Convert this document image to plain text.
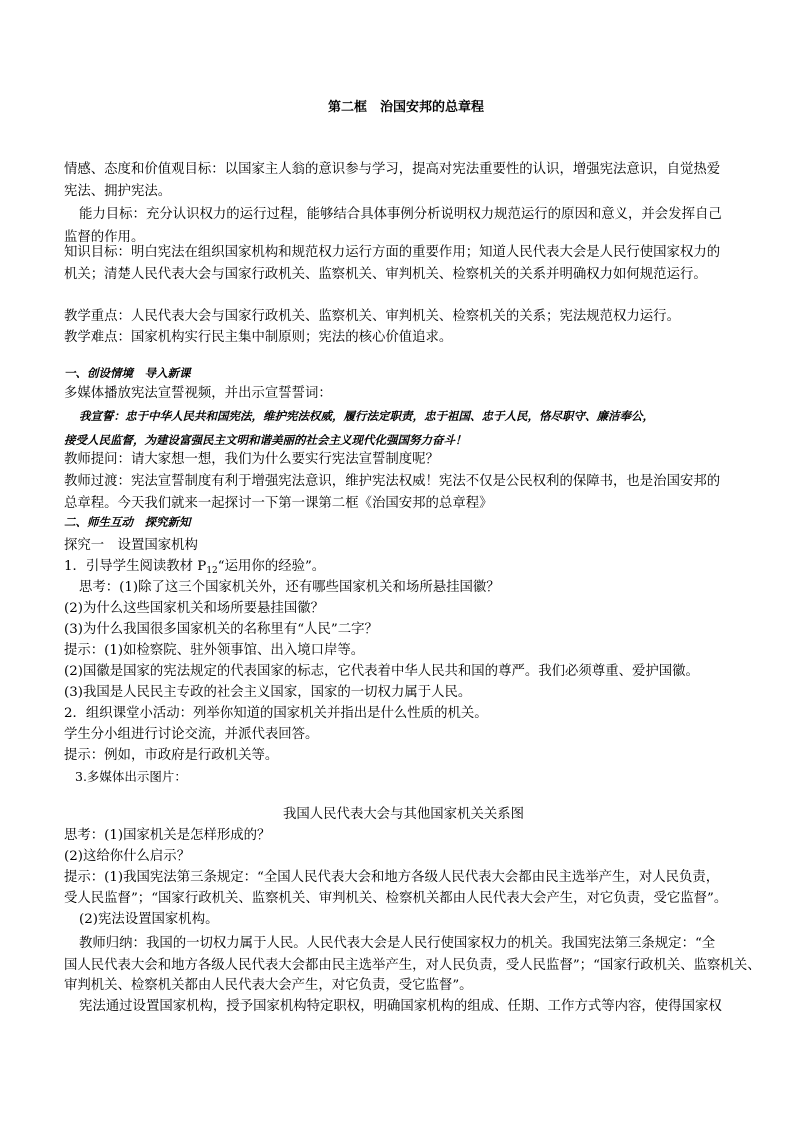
第二框　治国安邦的总章程
情感、态度和价值观目标：以国家主人翁的意识参与学习，提高对宪法重要性的认识，增强宪法意识，自觉热爱
宪法、拥护宪法。
能力目标：充分认识权力的运行过程，能够结合具体事例分析说明权力规范运行的原因和意义，并会发挥自己
监督的作用。
知识目标：明白宪法在组织国家机构和规范权力运行方面的重要作用；知道人民代表大会是人民行使国家权力的
机关；清楚人民代表大会与国家行政机关、监察机关、审判机关、检察机关的关系并明确权力如何规范运行。
教学重点：人民代表大会与国家行政机关、监察机关、审判机关、检察机关的关系；宪法规范权力运行。
教学难点：国家机构实行民主集中制原则；宪法的核心价值追求。
一、创设情境　导入新课
多媒体播放宪法宣誓视频，并出示宣誓誓词：
我宣誓：忠于中华人民共和国宪法，维护宪法权威，履行法定职责，忠于祖国、忠于人民，恪尽职守、廉洁奉公，
接受人民监督，为建设富强民主文明和谐美丽的社会主义现代化强国努力奋斗！
教师提问：请大家想一想，我们为什么要实行宪法宣誓制度呢？
教师过渡：宪法宣誓制度有利于增强宪法意识，维护宪法权威！宪法不仅是公民权利的保障书，也是治国安邦的
总章程。今天我们就来一起探讨一下第一课第二框《治国安邦的总章程》
二、师生互动　探究新知
探究一　设置国家机构
1．引导学生阅读教材 $P_{12}“$运用你的经验”。
思考：(1)除了这三个国家机关外，还有哪些国家机关和场所悬挂国徽？
(2)为什么这些国家机关和场所要悬挂国徽？
(3)为什么我国很多国家机关的名称里有“人民”二字？
提示：(1)如检察院、驻外领事馆、出入境口岸等。
(2)国徽是国家的宪法规定的代表国家的标志，它代表着中华人民共和国的尊严。我们必须尊重、爱护国徽。
(3)我国是人民民主专政的社会主义国家，国家的一切权力属于人民。
2．组织课堂小活动：列举你知道的国家机关并指出是什么性质的机关。
学生分小组进行讨论交流，并派代表回答。
提示：例如，市政府是行政机关等。
3.多媒体出示图片：
我国人民代表大会与其他国家机关关系图
思考：(1)国家机关是怎样形成的？
(2)这给你什么启示？
提示：(1)我国宪法第三条规定：“全国人民代表大会和地方各级人民代表大会都由民主选举产生，对人民负责，
受人民监督”；“国家行政机关、监察机关、审判机关、检察机关都由人民代表大会产生，对它负责，受它监督”。
(2)宪法设置国家机构。
教师归纳：我国的一切权力属于人民。人民代表大会是人民行使国家权力的机关。我国宪法第三条规定：“全
国人民代表大会和地方各级人民代表大会都由民主选举产生，对人民负责，受人民监督”；“国家行政机关、监察机关、
审判机关、检察机关都由人民代表大会产生，对它负责，受它监督”。
宪法通过设置国家机构，授予国家机构特定职权，明确国家机构的组成、任期、工作方式等内容，使得国家权
